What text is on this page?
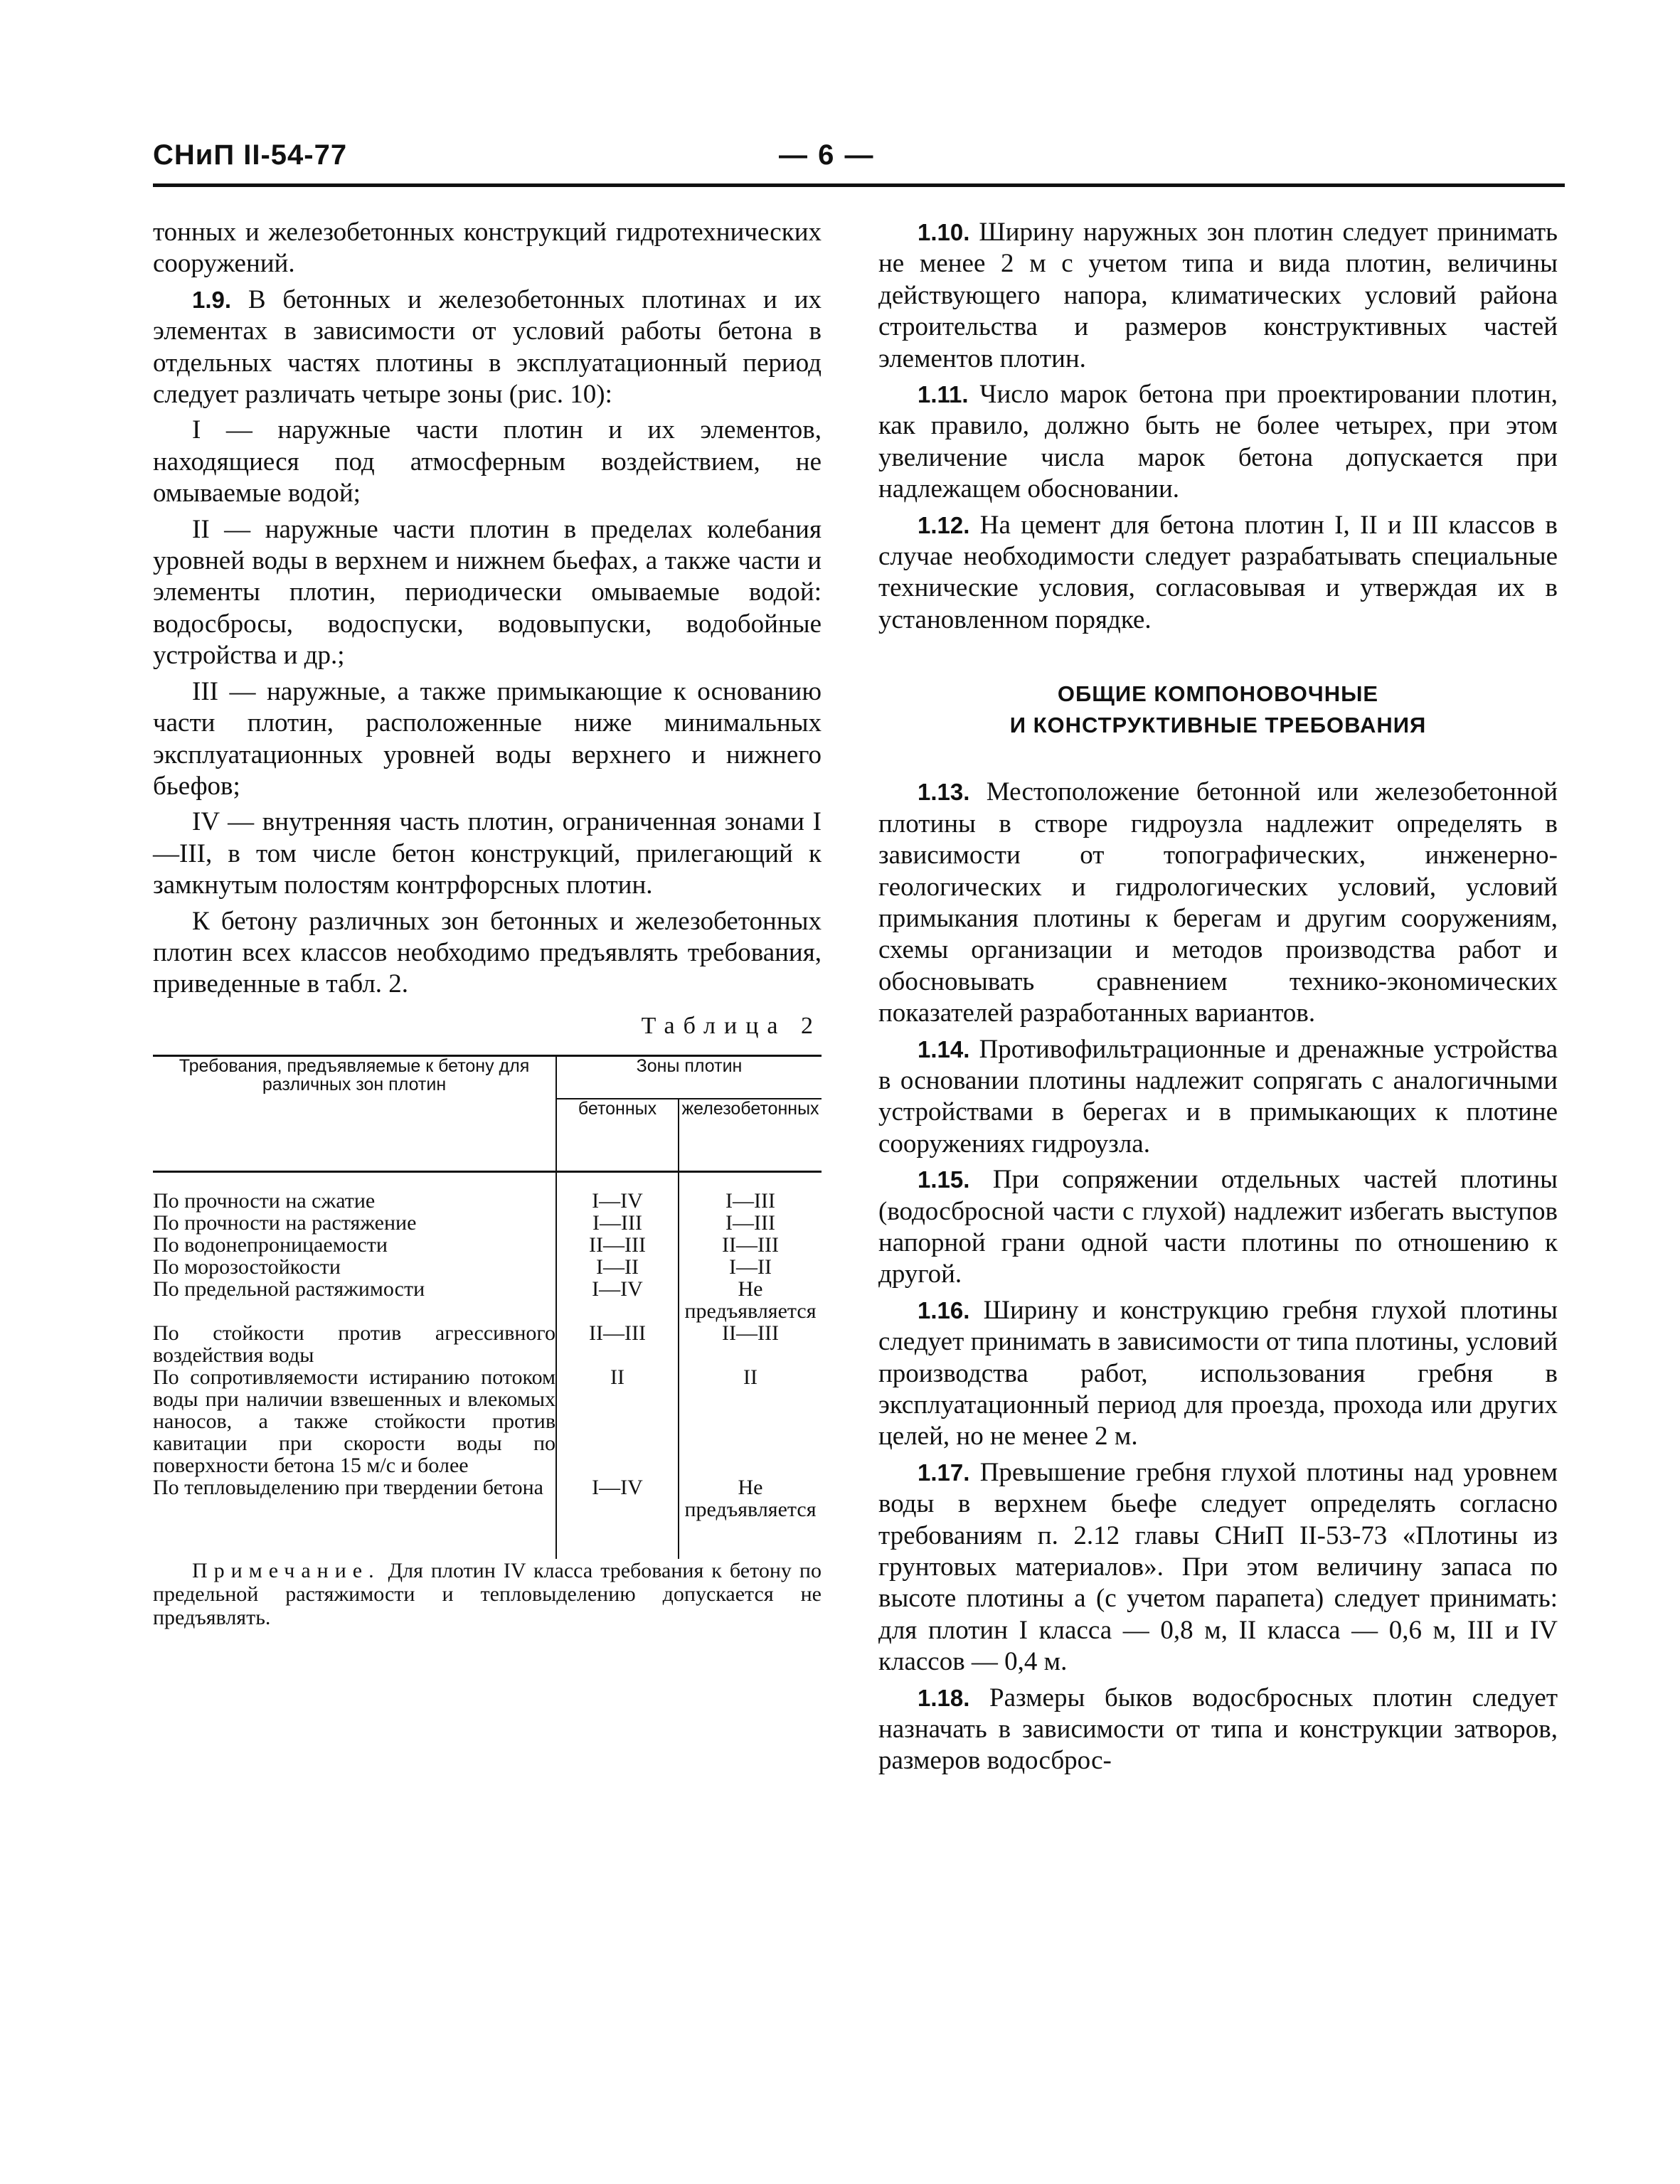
СНиП II-54-77	— 6 —

тонных и железобетонных конструкций гидротехнических сооружений.

1.9. В бетонных и железобетонных плотинах и их элементах в зависимости от условий работы бетона в отдельных частях плотины в эксплуатационный период следует различать четыре зоны (рис. 10):

I — наружные части плотин и их элементов, находящиеся под атмосферным воздействием, не омываемые водой;

II — наружные части плотин в пределах колебания уровней воды в верхнем и нижнем бьефах, а также части и элементы плотин, периодически омываемые водой: водосбросы, водоспуски, водовыпуски, водобойные устройства и др.;

III — наружные, а также примыкающие к основанию части плотин, расположенные ниже минимальных эксплуатационных уровней воды верхнего и нижнего бьефов;

IV — внутренняя часть плотин, ограниченная зонами I—III, в том числе бетон конструкций, прилегающий к замкнутым полостям контрфорсных плотин.

К бетону различных зон бетонных и железобетонных плотин всех классов необходимо предъявлять требования, приведенные в табл. 2.

Таблица 2
Требования, предъявляемые к бетону для различных зон плотин	Зоны плотин	
	бетонных	железобетонных
По прочности на сжатие	I—IV	I—III
По прочности на растяжение	I—III	I—III
По водонепроницаемости	II—III	II—III
По морозостойкости	I—II	I—II
По предельной растяжимости	I—IV	Не предъявляется
По стойкости против агрессивного воздействия воды	II—III	II—III
По сопротивляемости истиранию потоком воды при наличии взвешенных и влекомых наносов, а также стойкости против кавитации при скорости воды по поверхности бетона 15 м/с и более	II	II
По тепловыделению при твердении бетона	I—IV	Не предъявляется

Примечание. Для плотин IV класса требования к бетону по предельной растяжимости и тепловыделению допускается не предъявлять.

1.10. Ширину наружных зон плотин следует принимать не менее 2 м с учетом типа и вида плотин, величины действующего напора, климатических условий района строительства и размеров конструктивных частей элементов плотин.

1.11. Число марок бетона при проектировании плотин, как правило, должно быть не более четырех, при этом увеличение числа марок бетона допускается при надлежащем обосновании.

1.12. На цемент для бетона плотин I, II и III классов в случае необходимости следует разрабатывать специальные технические условия, согласовывая и утверждая их в установленном порядке.

ОБЩИЕ КОМПОНОВОЧНЫЕ
И КОНСТРУКТИВНЫЕ ТРЕБОВАНИЯ

1.13. Местоположение бетонной или железобетонной плотины в створе гидроузла надлежит определять в зависимости от топографических, инженерно-геологических и гидрологических условий, условий примыкания плотины к берегам и другим сооружениям, схемы организации и методов производства работ и обосновывать сравнением технико-экономических показателей разработанных вариантов.

1.14. Противофильтрационные и дренажные устройства в основании плотины надлежит сопрягать с аналогичными устройствами в берегах и в примыкающих к плотине сооружениях гидроузла.

1.15. При сопряжении отдельных частей плотины (водосбросной части с глухой) надлежит избегать выступов напорной грани одной части плотины по отношению к другой.

1.16. Ширину и конструкцию гребня глухой плотины следует принимать в зависимости от типа плотины, условий производства работ, использования гребня в эксплуатационный период для проезда, прохода или других целей, но не менее 2 м.

1.17. Превышение гребня глухой плотины над уровнем воды в верхнем бьефе следует определять согласно требованиям п. 2.12 главы СНиП II-53-73 «Плотины из грунтовых материалов». При этом величину запаса по высоте плотины a (с учетом парапета) следует принимать: для плотин I класса — 0,8 м, II класса — 0,6 м, III и IV классов — 0,4 м.

1.18. Размеры быков водосбросных плотин следует назначать в зависимости от типа и конструкции затворов, размеров водосброс-
